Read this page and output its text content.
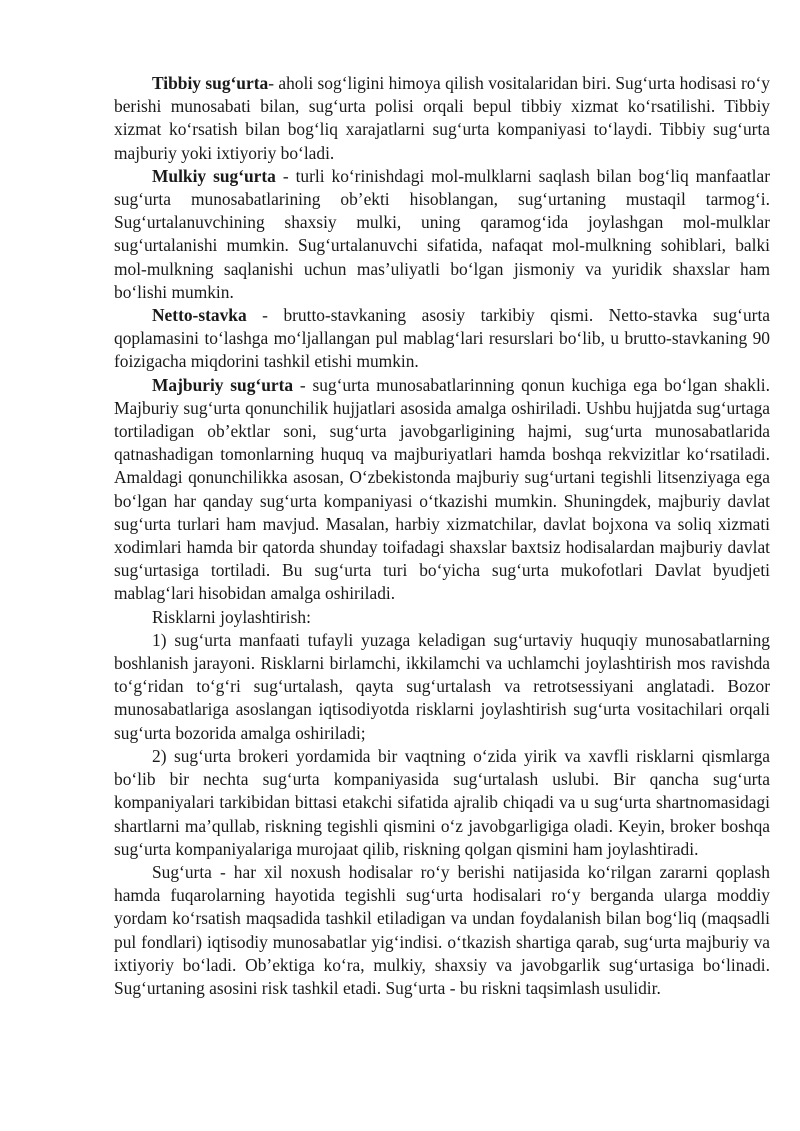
Tibbiy sug‘urta- aholi sog‘ligini himoya qilish vositalaridan biri. Sug‘urta hodisasi ro‘y berishi munosabati bilan, sug‘urta polisi orqali bepul tibbiy xizmat ko‘rsatilishi. Tibbiy xizmat ko‘rsatish bilan bog‘liq xarajatlarni sug‘urta kompaniyasi to‘laydi. Tibbiy sug‘urta majburiy yoki ixtiyoriy bo‘ladi.

Mulkiy sug‘urta - turli ko‘rinishdagi mol-mulklarni saqlash bilan bog‘liq manfaatlar sug‘urta munosabatlarining ob’ekti hisoblangan, sug‘urtaning mustaqil tarmog‘i. Sug‘urtalanuvchining shaxsiy mulki, uning qaramog‘ida joylashgan mol-mulklar sug‘urtalanishi mumkin. Sug‘urtalanuvchi sifatida, nafaqat mol-mulkning sohiblari, balki mol-mulkning saqlanishi uchun mas’uliyatli bo‘lgan jismoniy va yuridik shaxslar ham bo‘lishi mumkin.

Netto-stavka - brutto-stavkaning asosiy tarkibiy qismi. Netto-stavka sug‘urta qoplamasini to‘lashga mo‘ljallangan pul mablag‘lari resurslari bo‘lib, u brutto-stavkaning 90 foizigacha miqdorini tashkil etishi mumkin.

Majburiy sug‘urta - sug‘urta munosabatlarinning qonun kuchiga ega bo‘lgan shakli. Majburiy sug‘urta qonunchilik hujjatlari asosida amalga oshiriladi. Ushbu hujjatda sug‘urtaga tortiladigan ob’ektlar soni, sug‘urta javobgarligining hajmi, sug‘urta munosabatlarida qatnashadigan tomonlarning huquq va majburiyatlari hamda boshqa rekvizitlar ko‘rsatiladi. Amaldagi qonunchilikka asosan, O‘zbekistonda majburiy sug‘urtani tegishli litsenziyaga ega bo‘lgan har qanday sug‘urta kompaniyasi o‘tkazishi mumkin. Shuningdek, majburiy davlat sug‘urta turlari ham mavjud. Masalan, harbiy xizmatchilar, davlat bojxona va soliq xizmati xodimlari hamda bir qatorda shunday toifadagi shaxslar baxtsiz hodisalardan majburiy davlat sug‘urtasiga tortiladi. Bu sug‘urta turi bo‘yicha sug‘urta mukofotlari Davlat byudjeti mablag‘lari hisobidan amalga oshiriladi.

Risklarni joylashtirish:

1) sug‘urta manfaati tufayli yuzaga keladigan sug‘urtaviy huquqiy munosabatlarning boshlanish jarayoni. Risklarni birlamchi, ikkilamchi va uchlamchi joylashtirish mos ravishda to‘g‘ridan to‘g‘ri sug‘urtalash, qayta sug‘urtalash va retrotsessiyani anglatadi. Bozor munosabatlariga asoslangan iqtisodiyotda risklarni joylashtirish sug‘urta vositachilari orqali sug‘urta bozorida amalga oshiriladi;

2) sug‘urta brokeri yordamida bir vaqtning o‘zida yirik va xavfli risklarni qismlarga bo‘lib bir nechta sug‘urta kompaniyasida sug‘urtalash uslubi. Bir qancha sug‘urta kompaniyalari tarkibidan bittasi etakchi sifatida ajralib chiqadi va u sug‘urta shartnomasidagi shartlarni ma’qullab, riskning tegishli qismini o‘z javobgarligiga oladi. Keyin, broker boshqa sug‘urta kompaniyalariga murojaat qilib, riskning qolgan qismini ham joylashtiradi.

Sug‘urta - har xil noxush hodisalar ro‘y berishi natijasida ko‘rilgan zararni qoplash hamda fuqarolarning hayotida tegishli sug‘urta hodisalari ro‘y berganda ularga moddiy yordam ko‘rsatish maqsadida tashkil etiladigan va undan foydalanish bilan bog‘liq (maqsadli pul fondlari) iqtisodiy munosabatlar yig‘indisi. o‘tkazish shartiga qarab, sug‘urta majburiy va ixtiyoriy bo‘ladi. Ob’ektiga ko‘ra, mulkiy, shaxsiy va javobgarlik sug‘urtasiga bo‘linadi. Sug‘urtaning asosini risk tashkil etadi. Sug‘urta - bu riskni taqsimlash usulidir.
